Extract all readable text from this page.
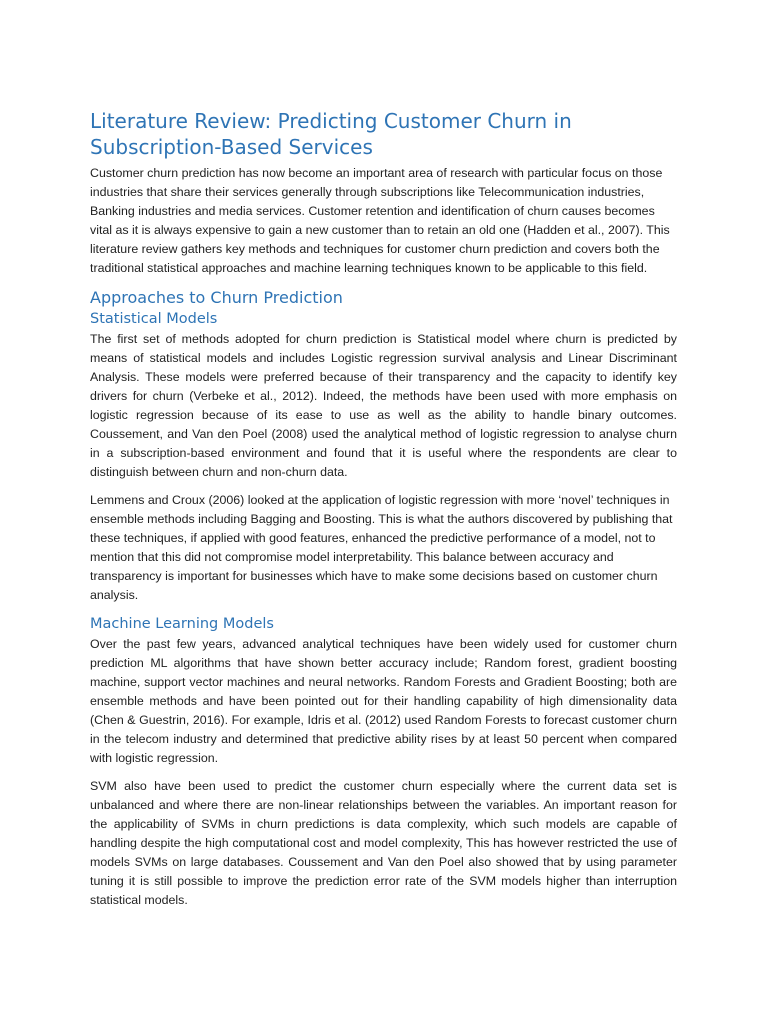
Literature Review: Predicting Customer Churn in Subscription-Based Services

Customer churn prediction has now become an important area of research with particular focus on those industries that share their services generally through subscriptions like Telecommunication industries, Banking industries and media services. Customer retention and identification of churn causes becomes vital as it is always expensive to gain a new customer than to retain an old one (Hadden et al., 2007). This literature review gathers key methods and techniques for customer churn prediction and covers both the traditional statistical approaches and machine learning techniques known to be applicable to this field.

Approaches to Churn Prediction
Statistical Models

The first set of methods adopted for churn prediction is Statistical model where churn is predicted by means of statistical models and includes Logistic regression survival analysis and Linear Discriminant Analysis. These models were preferred because of their transparency and the capacity to identify key drivers for churn (Verbeke et al., 2012). Indeed, the methods have been used with more emphasis on logistic regression because of its ease to use as well as the ability to handle binary outcomes. Coussement, and Van den Poel (2008) used the analytical method of logistic regression to analyse churn in a subscription-based environment and found that it is useful where the respondents are clear to distinguish between churn and non-churn data.

Lemmens and Croux (2006) looked at the application of logistic regression with more ‘novel’ techniques in ensemble methods including Bagging and Boosting. This is what the authors discovered by publishing that these techniques, if applied with good features, enhanced the predictive performance of a model, not to mention that this did not compromise model interpretability. This balance between accuracy and transparency is important for businesses which have to make some decisions based on customer churn analysis.

Machine Learning Models

Over the past few years, advanced analytical techniques have been widely used for customer churn prediction ML algorithms that have shown better accuracy include; Random forest, gradient boosting machine, support vector machines and neural networks. Random Forests and Gradient Boosting; both are ensemble methods and have been pointed out for their handling capability of high dimensionality data (Chen & Guestrin, 2016). For example, Idris et al. (2012) used Random Forests to forecast customer churn in the telecom industry and determined that predictive ability rises by at least 50 percent when compared with logistic regression.

SVM also have been used to predict the customer churn especially where the current data set is unbalanced and where there are non-linear relationships between the variables. An important reason for the applicability of SVMs in churn predictions is data complexity, which such models are capable of handling despite the high computational cost and model complexity, This has however restricted the use of models SVMs on large databases. Coussement and Van den Poel also showed that by using parameter tuning it is still possible to improve the prediction error rate of the SVM models higher than interruption statistical models.
